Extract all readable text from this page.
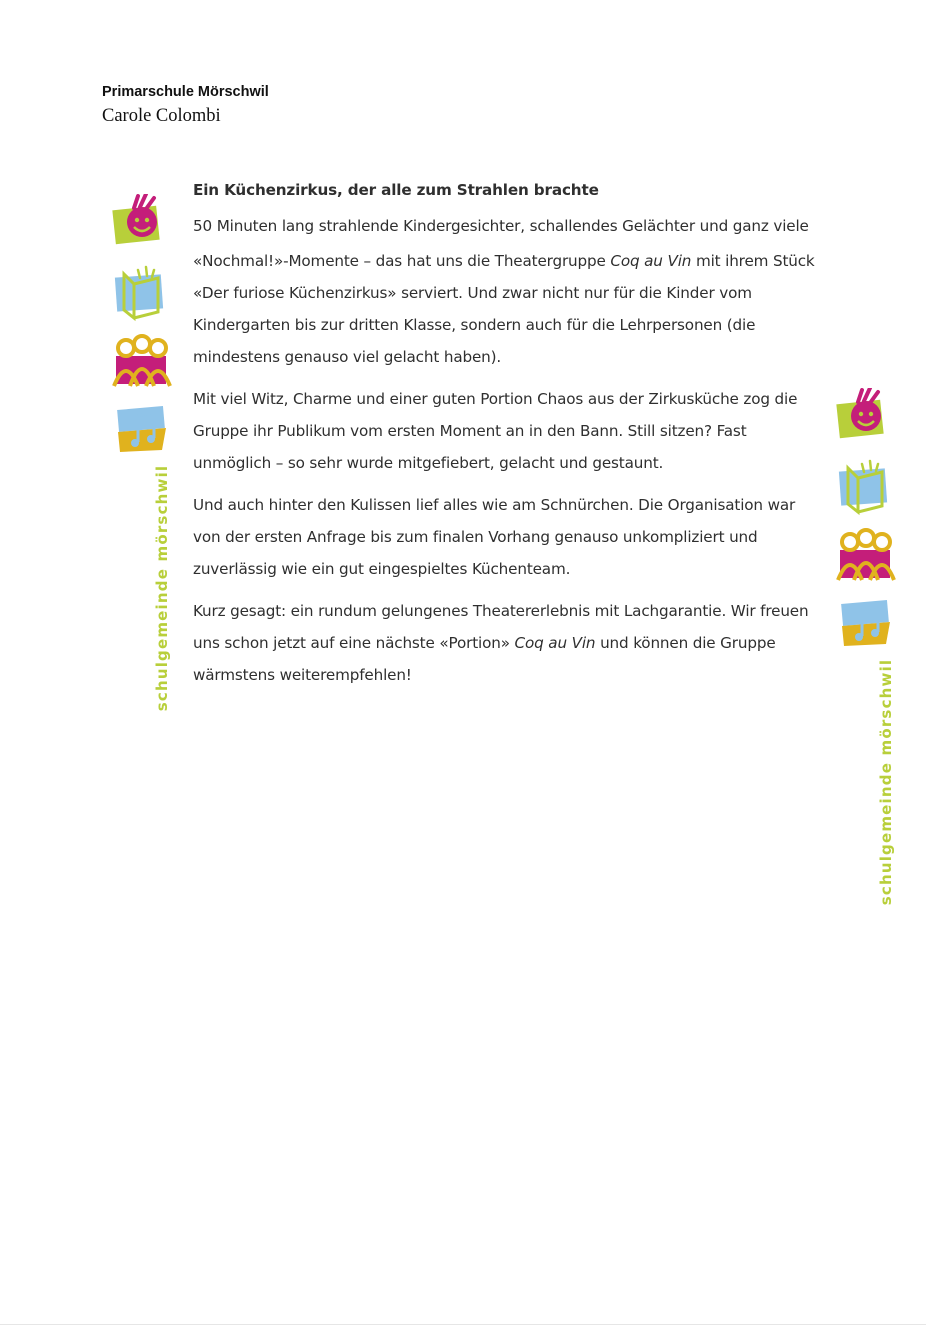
Primarschule Mörschwil
Carole Colombi
schulgemeinde mörschwil
schulgemeinde mörschwil
Ein Küchenzirkus, der alle zum Strahlen brachte

50 Minuten lang strahlende Kindergesichter, schallendes Gelächter und ganz viele

«Nochmal!»-Momente – das hat uns die Theatergruppe Coq au Vin mit ihrem Stück «Der furiose Küchenzirkus» serviert. Und zwar nicht nur für die Kinder vom Kindergarten bis zur dritten Klasse, sondern auch für die Lehrpersonen (die mindestens genauso viel gelacht haben).

Mit viel Witz, Charme und einer guten Portion Chaos aus der Zirkusküche zog die Gruppe ihr Publikum vom ersten Moment an in den Bann. Still sitzen? Fast unmöglich – so sehr wurde mitgefiebert, gelacht und gestaunt.

Und auch hinter den Kulissen lief alles wie am Schnürchen. Die Organisation war von der ersten Anfrage bis zum finalen Vorhang genauso unkompliziert und zuverlässig wie ein gut eingespieltes Küchenteam.

Kurz gesagt: ein rundum gelungenes Theatererlebnis mit Lachgarantie. Wir freuen uns schon jetzt auf eine nächste «Portion» Coq au Vin und können die Gruppe wärmstens weiterempfehlen!
